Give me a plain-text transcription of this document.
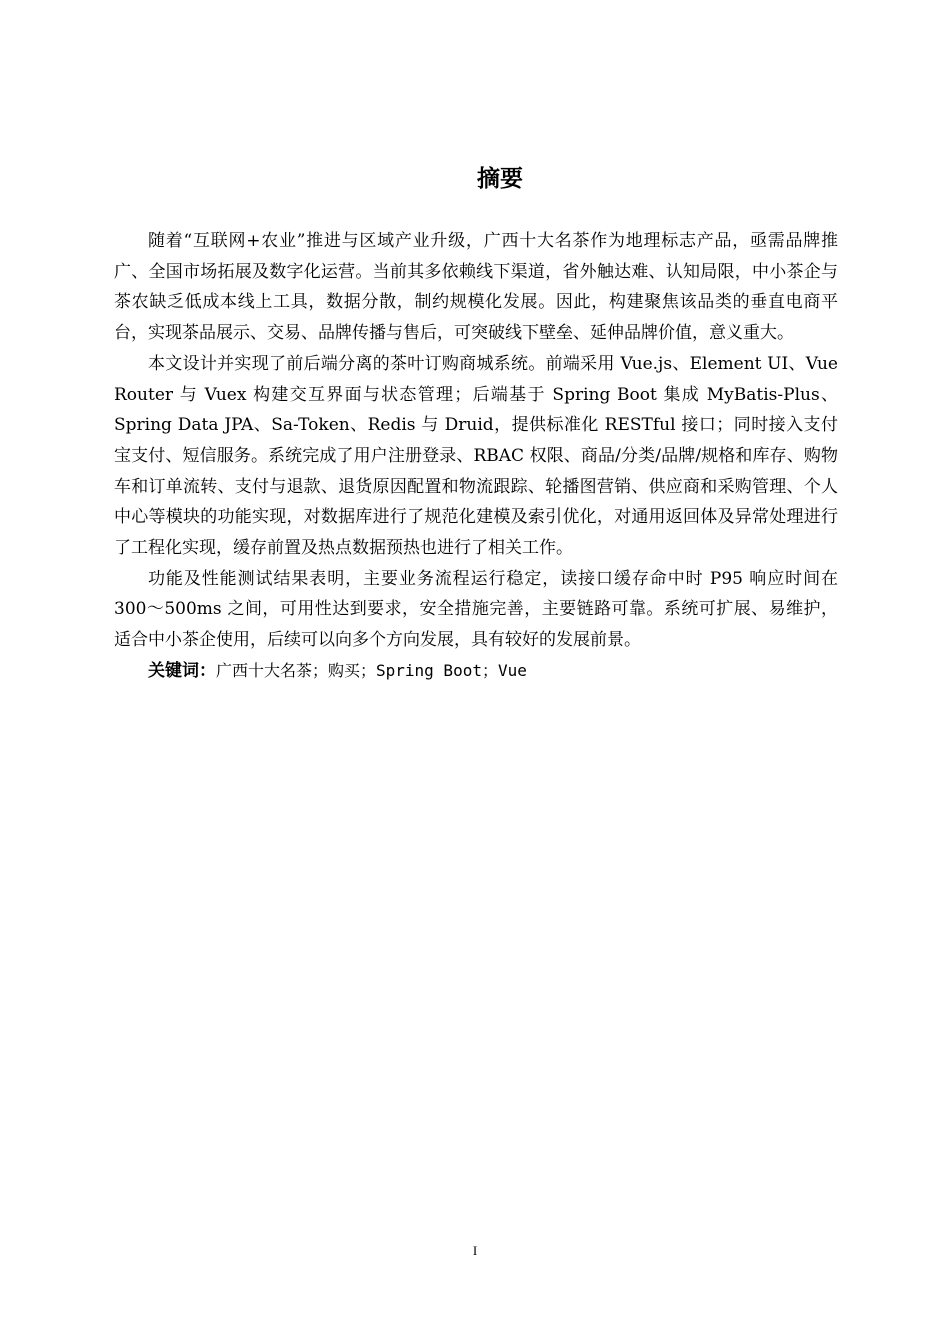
摘要

随着“互联网+农业”推进与区域产业升级，广西十大名茶作为地理标志产品，亟需品牌推广、全国市场拓展及数字化运营。当前其多依赖线下渠道，省外触达难、认知局限，中小茶企与茶农缺乏低成本线上工具，数据分散，制约规模化发展。因此，构建聚焦该品类的垂直电商平台，实现茶品展示、交易、品牌传播与售后，可突破线下壁垒、延伸品牌价值，意义重大。

本文设计并实现了前后端分离的茶叶订购商城系统。前端采用 Vue.js、Element UI、Vue Router 与 Vuex 构建交互界面与状态管理；后端基于 Spring Boot 集成 MyBatis-Plus、Spring Data JPA、Sa-Token、Redis 与 Druid，提供标准化 RESTful 接口；同时接入支付宝支付、短信服务。系统完成了用户注册登录、RBAC 权限、商品/分类/品牌/规格和库存、购物车和订单流转、支付与退款、退货原因配置和物流跟踪、轮播图营销、供应商和采购管理、个人中心等模块的功能实现，对数据库进行了规范化建模及索引优化，对通用返回体及异常处理进行了工程化实现，缓存前置及热点数据预热也进行了相关工作。

功能及性能测试结果表明，主要业务流程运行稳定，读接口缓存命中时 P95 响应时间在 300～500ms 之间，可用性达到要求，安全措施完善，主要链路可靠。系统可扩展、易维护，适合中小茶企使用，后续可以向多个方向发展，具有较好的发展前景。

关键词：广西十大名茶；购买；Spring Boot；Vue

I
